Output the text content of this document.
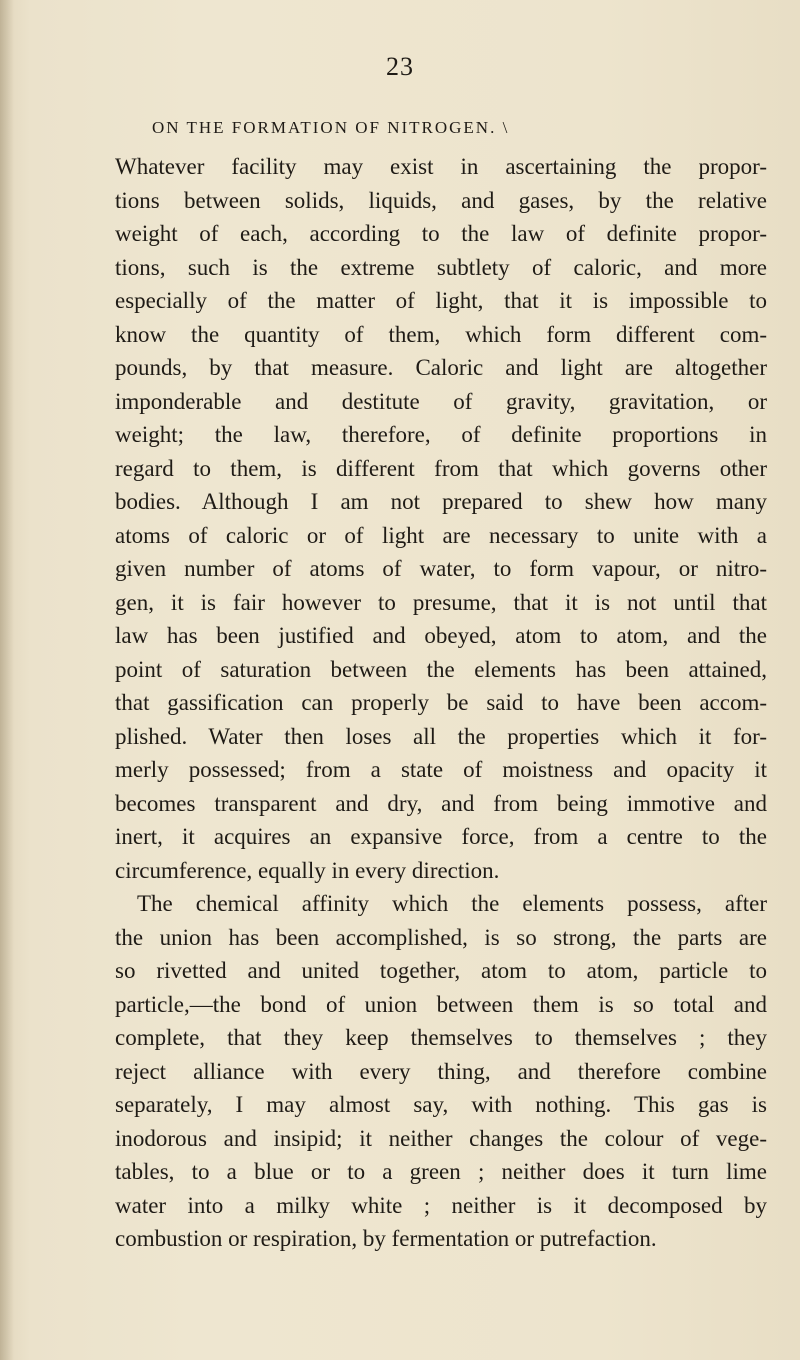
23
ON THE FORMATION OF NITROGEN. \
Whatever facility may exist in ascertaining the propor-
tions between solids, liquids, and gases, by the relative
weight of each, according to the law of definite propor-
tions, such is the extreme subtlety of caloric, and more
especially of the matter of light, that it is impossible to
know the quantity of them, which form different com-
pounds, by that measure. Caloric and light are altogether
imponderable and destitute of gravity, gravitation, or
weight; the law, therefore, of definite proportions in
regard to them, is different from that which governs other
bodies. Although I am not prepared to shew how many
atoms of caloric or of light are necessary to unite with a
given number of atoms of water, to form vapour, or nitro-
gen, it is fair however to presume, that it is not until that
law has been justified and obeyed, atom to atom, and the
point of saturation between the elements has been attained,
that gassification can properly be said to have been accom-
plished. Water then loses all the properties which it for-
merly possessed; from a state of moistness and opacity it
becomes transparent and dry, and from being immotive and
inert, it acquires an expansive force, from a centre to the
circumference, equally in every direction.
The chemical affinity which the elements possess, after
the union has been accomplished, is so strong, the parts are
so rivetted and united together, atom to atom, particle to
particle,—the bond of union between them is so total and
complete, that they keep themselves to themselves ; they
reject alliance with every thing, and therefore combine
separately, I may almost say, with nothing. This gas is
inodorous and insipid; it neither changes the colour of vege-
tables, to a blue or to a green ; neither does it turn lime
water into a milky white ; neither is it decomposed by
combustion or respiration, by fermentation or putrefaction.
